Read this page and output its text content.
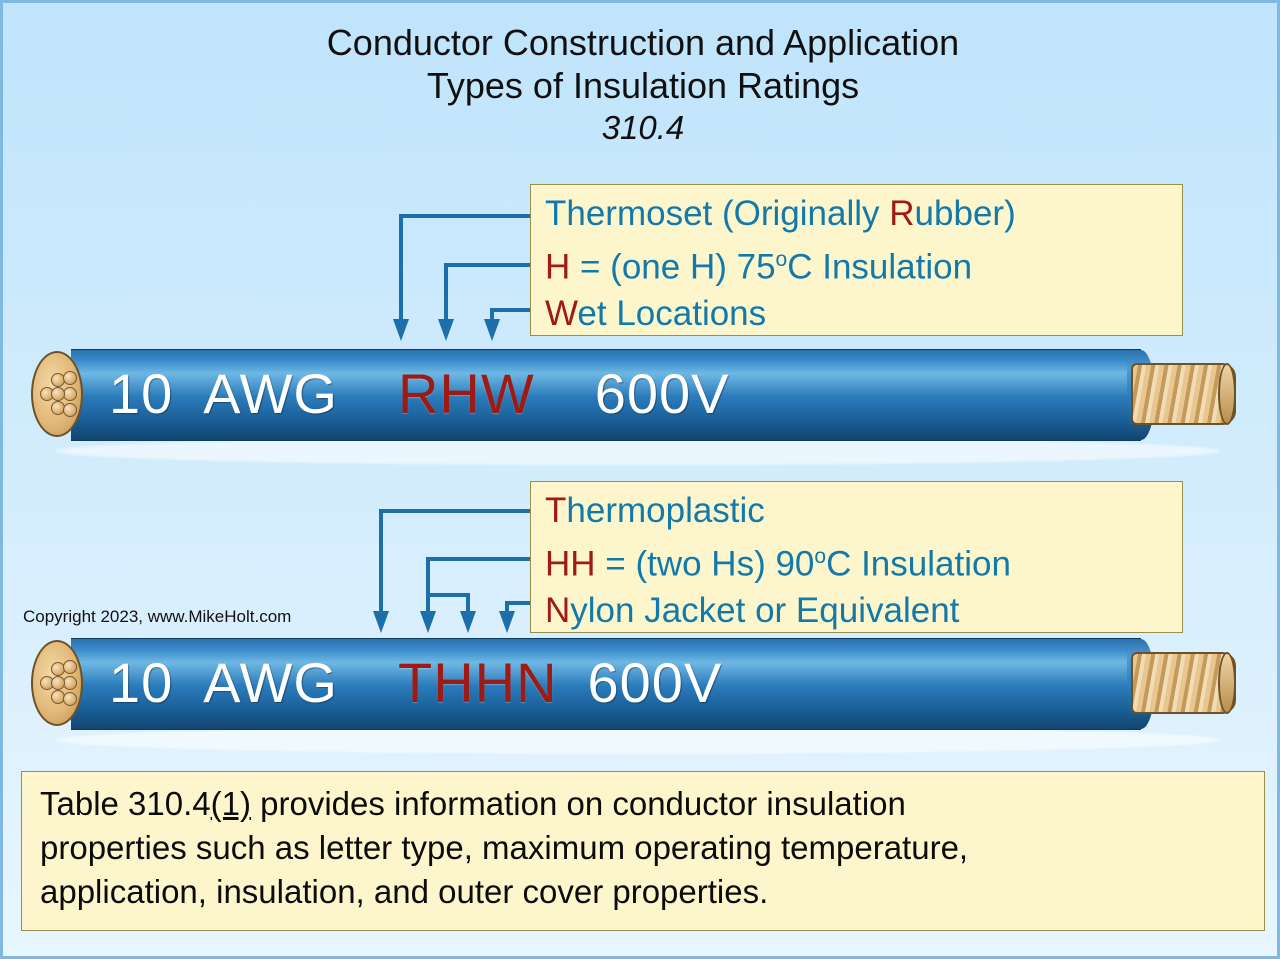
Conductor Construction and Application
Types of Insulation Ratings
310.4
Thermoset (Originally Rubber)
H = (one H) 75$^o$C Insulation
Wet Locations
Thermoplastic
HH = (two Hs) 90$^o$C Insulation
Nylon Jacket or Equivalent
10 AWG RHW 600V
10 AWG THHN 600V
Copyright 2023, www.MikeHolt.com
Table 310.4(1) provides information on conductor insulation
properties such as letter type, maximum operating temperature,
application, insulation, and outer cover properties.
